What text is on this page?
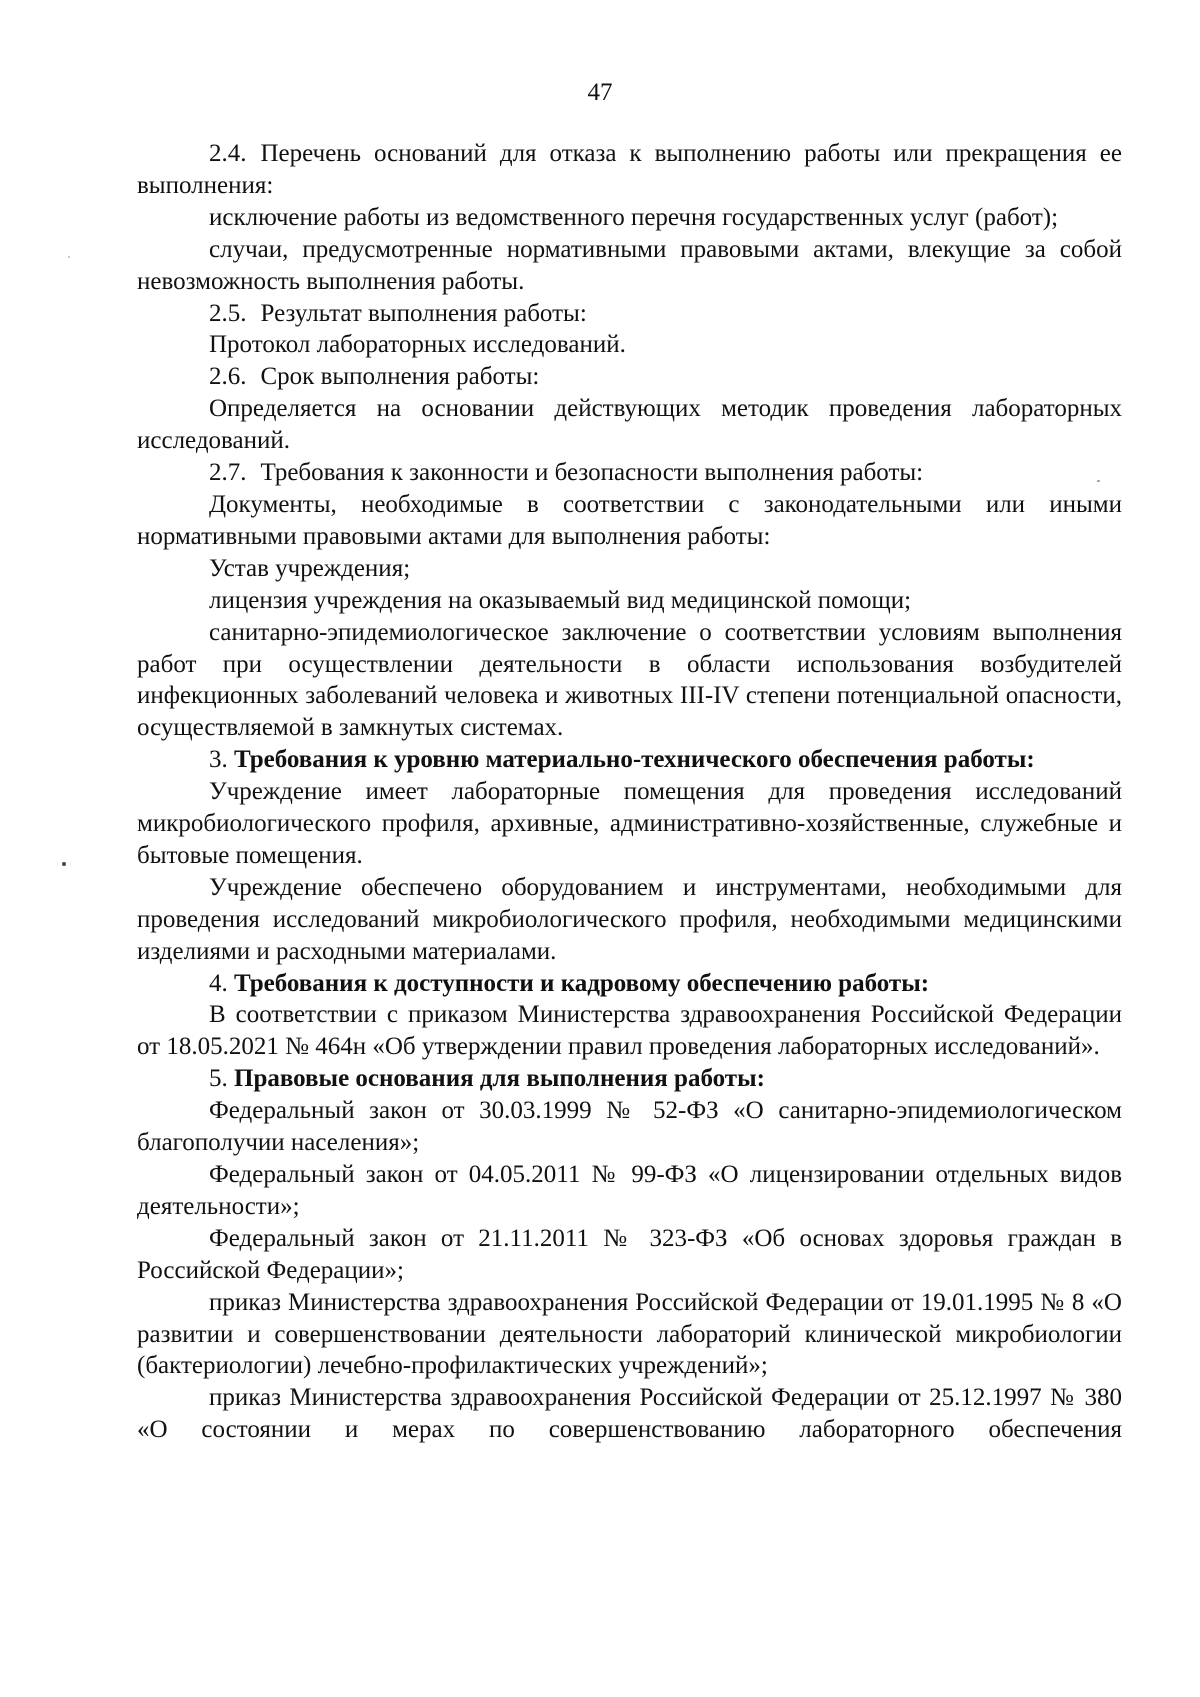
47

2.4. Перечень оснований для отказа к выполнению работы или прекращения ее выполнения:

исключение работы из ведомственного перечня государственных услуг (работ);

случаи, предусмотренные нормативными правовыми актами, влекущие за собой невозможность выполнения работы.

2.5. Результат выполнения работы:

Протокол лабораторных исследований.

2.6. Срок выполнения работы:

Определяется на основании действующих методик проведения лабораторных исследований.

2.7. Требования к законности и безопасности выполнения работы:

Документы, необходимые в соответствии с законодательными или иными нормативными правовыми актами для выполнения работы:

Устав учреждения;

лицензия учреждения на оказываемый вид медицинской помощи;

санитарно-эпидемиологическое заключение о соответствии условиям выполнения работ при осуществлении деятельности в области использования возбудителей инфекционных заболеваний человека и животных III-IV степени потенциальной опасности, осуществляемой в замкнутых системах.

3. Требования к уровню материально-технического обеспечения работы:

Учреждение имеет лабораторные помещения для проведения исследований микробиологического профиля, архивные, административно-хозяйственные, служебные и бытовые помещения.

Учреждение обеспечено оборудованием и инструментами, необходимыми для проведения исследований микробиологического профиля, необходимыми медицинскими изделиями и расходными материалами.

4. Требования к доступности и кадровому обеспечению работы:

В соответствии с приказом Министерства здравоохранения Российской Федерации от 18.05.2021 № 464н «Об утверждении правил проведения лабораторных исследований».

5. Правовые основания для выполнения работы:

Федеральный закон от 30.03.1999 № 52-ФЗ «О санитарно-эпидемиологическом благополучии населения»;

Федеральный закон от 04.05.2011 № 99-ФЗ «О лицензировании отдельных видов деятельности»;

Федеральный закон от 21.11.2011 № 323-ФЗ «Об основах здоровья граждан в Российской Федерации»;

приказ Министерства здравоохранения Российской Федерации от 19.01.1995 № 8 «О развитии и совершенствовании деятельности лабораторий клинической микробиологии (бактериологии) лечебно-профилактических учреждений»;

приказ Министерства здравоохранения Российской Федерации от 25.12.1997 № 380 «О состоянии и мерах по совершенствованию лабораторного обеспечения
